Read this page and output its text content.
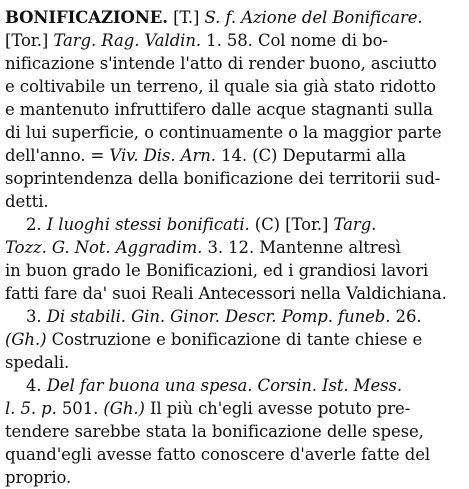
BONIFICAZIONE. [T.] S. f. Azione del Bonificare.
[Tor.] Targ. Rag. Valdin. 1. 58. Col nome di bo-
nificazione s'intende l'atto di render buono, asciutto
e coltivabile un terreno, il quale sia già stato ridotto
e mantenuto infruttifero dalle acque stagnanti sulla
di lui superficie, o continuamente o la maggior parte
dell'anno. = Viv. Dis. Arn. 14. (C) Deputarmi alla
soprintendenza della bonificazione dei territorii sud-
detti.
2. I luoghi stessi bonificati. (C) [Tor.] Targ.
Tozz. G. Not. Aggradim. 3. 12. Mantenne altresì
in buon grado le Bonificazioni, ed i grandiosi lavori
fatti fare da' suoi Reali Antecessori nella Valdichiana.
3. Di stabili. Gin. Ginor. Descr. Pomp. funeb. 26.
(Gh.) Costruzione e bonificazione di tante chiese e
spedali.
4. Del far buona una spesa. Corsin. Ist. Mess.
l. 5. p. 501. (Gh.) Il più ch'egli avesse potuto pre-
tendere sarebbe stata la bonificazione delle spese,
quand'egli avesse fatto conoscere d'averle fatte del
proprio.
